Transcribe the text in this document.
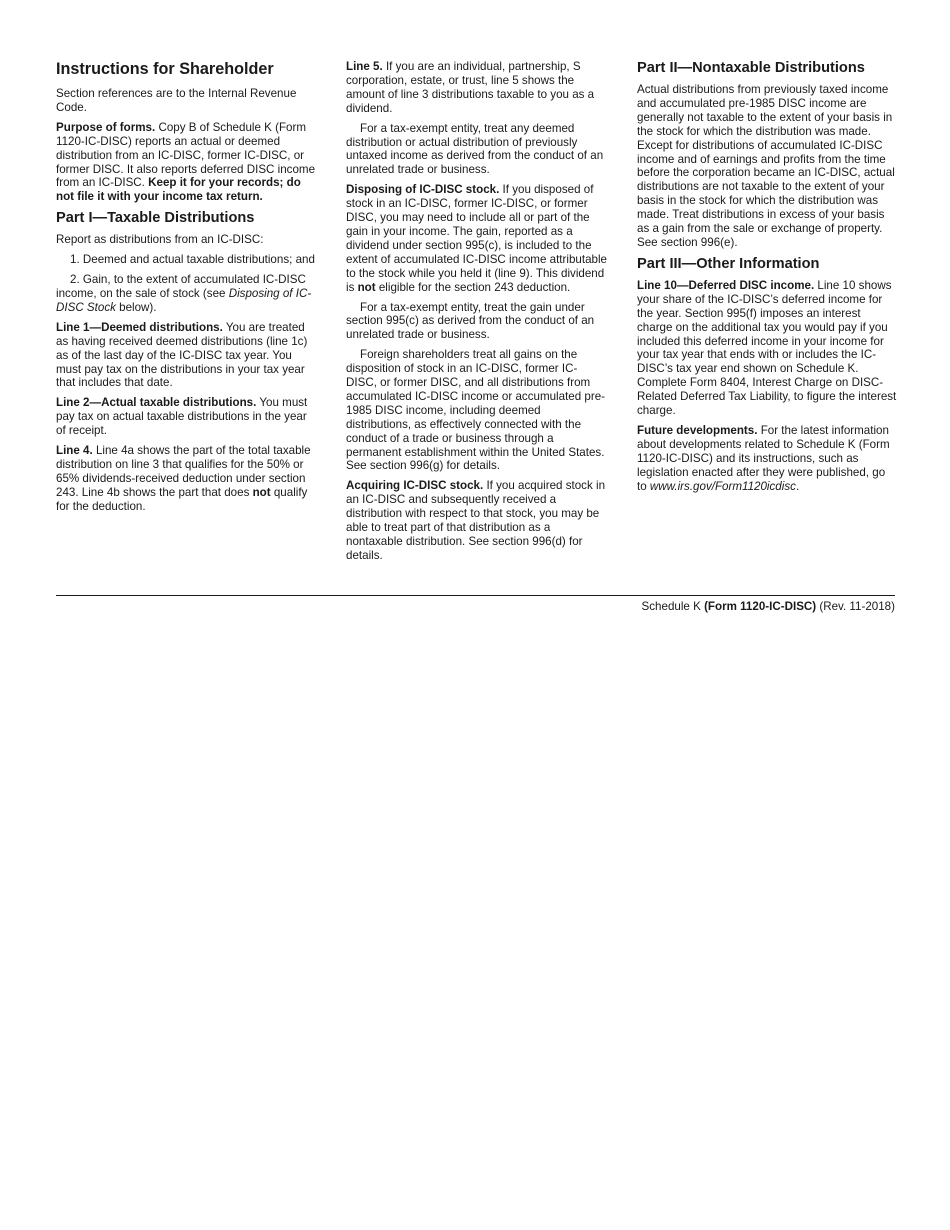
Instructions for Shareholder

Section references are to the Internal Revenue Code.

Purpose of forms. Copy B of Schedule K (Form 1120-IC-DISC) reports an actual or deemed distribution from an IC-DISC, former IC-DISC, or former DISC. It also reports deferred DISC income from an IC-DISC. Keep it for your records; do not file it with your income tax return.

Part I—Taxable Distributions

Report as distributions from an IC-DISC:

1. Deemed and actual taxable distributions; and

2. Gain, to the extent of accumulated IC-DISC income, on the sale of stock (see Disposing of IC-DISC Stock below).

Line 1—Deemed distributions. You are treated as having received deemed distributions (line 1c) as of the last day of the IC-DISC tax year. You must pay tax on the distributions in your tax year that includes that date.

Line 2—Actual taxable distributions. You must pay tax on actual taxable distributions in the year of receipt.

Line 4. Line 4a shows the part of the total taxable distribution on line 3 that qualifies for the 50% or 65% dividends-received deduction under section 243. Line 4b shows the part that does not qualify for the deduction.

Line 5. If you are an individual, partnership, S corporation, estate, or trust, line 5 shows the amount of line 3 distributions taxable to you as a dividend.

For a tax-exempt entity, treat any deemed distribution or actual distribution of previously untaxed income as derived from the conduct of an unrelated trade or business.

Disposing of IC-DISC stock. If you disposed of stock in an IC-DISC, former IC-DISC, or former DISC, you may need to include all or part of the gain in your income. The gain, reported as a dividend under section 995(c), is included to the extent of accumulated IC-DISC income attributable to the stock while you held it (line 9). This dividend is not eligible for the section 243 deduction.

For a tax-exempt entity, treat the gain under section 995(c) as derived from the conduct of an unrelated trade or business.

Foreign shareholders treat all gains on the disposition of stock in an IC-DISC, former IC-DISC, or former DISC, and all distributions from accumulated IC-DISC income or accumulated pre-1985 DISC income, including deemed distributions, as effectively connected with the conduct of a trade or business through a permanent establishment within the United States. See section 996(g) for details.

Acquiring IC-DISC stock. If you acquired stock in an IC-DISC and subsequently received a distribution with respect to that stock, you may be able to treat part of that distribution as a nontaxable distribution. See section 996(d) for details.

Part II—Nontaxable Distributions

Actual distributions from previously taxed income and accumulated pre-1985 DISC income are generally not taxable to the extent of your basis in the stock for which the distribution was made. Except for distributions of accumulated IC-DISC income and of earnings and profits from the time before the corporation became an IC-DISC, actual distributions are not taxable to the extent of your basis in the stock for which the distribution was made. Treat distributions in excess of your basis as a gain from the sale or exchange of property. See section 996(e).

Part III—Other Information

Line 10—Deferred DISC income. Line 10 shows your share of the IC-DISC’s deferred income for the year. Section 995(f) imposes an interest charge on the additional tax you would pay if you included this deferred income in your income for your tax year that ends with or includes the IC-DISC’s tax year end shown on Schedule K. Complete Form 8404, Interest Charge on DISC-Related Deferred Tax Liability, to figure the interest charge.

Future developments. For the latest information about developments related to Schedule K (Form 1120-IC-DISC) and its instructions, such as legislation enacted after they were published, go to www.irs.gov/Form1120icdisc.

Schedule K (Form 1120-IC-DISC) (Rev. 11-2018)
